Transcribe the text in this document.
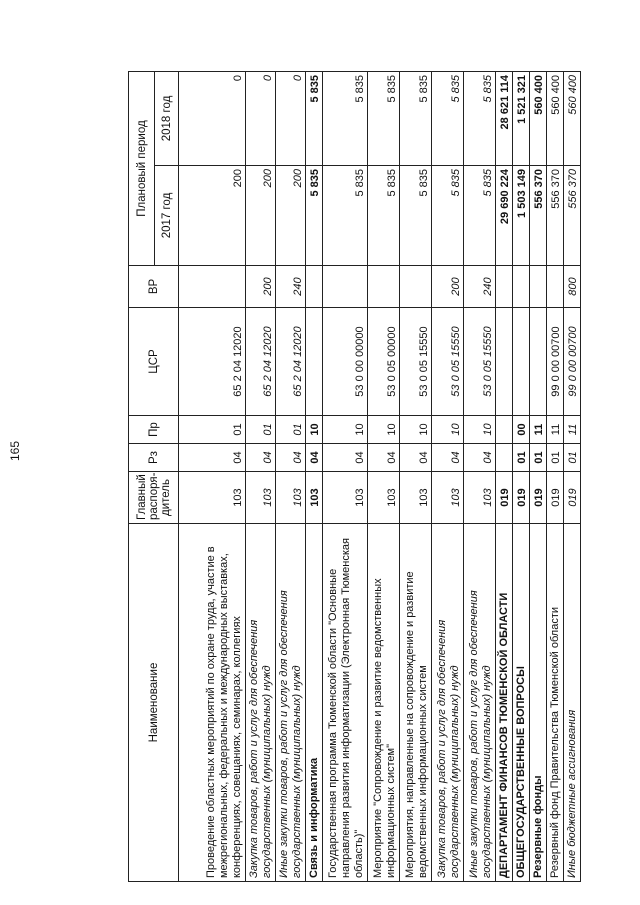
165
Наименование	Главный распоря-дитель	Рз	Пр	ЦСР	ВР	Плановый период	
						2017 год	2018 год
Проведение областных мероприятий по охране труда, участие в межрегиональных, федеральных и международных выставках, конференциях, совещаниях, семинарах, коллегиях	103	04	01	65 2 04 12020		200	0
Закупка товаров, работ и услуг для обеспечения государственных (муниципальных) нужд	103	04	01	65 2 04 12020	200	200	0
Иные закупки товаров, работ и услуг для обеспечения государственных (муниципальных) нужд	103	04	01	65 2 04 12020	240	200	0
Связь и информатика	103	04	10			5 835	5 835
Государственная программа Тюменской области "Основные направления развития информатизации (Электронная Тюменская область)"	103	04	10	53 0 00 00000		5 835	5 835
Мероприятие "Сопровождение и развитие ведомственных информационных систем"	103	04	10	53 0 05 00000		5 835	5 835
Мероприятия, направленные на сопровождение и развитие ведомственных информационных систем	103	04	10	53 0 05 15550		5 835	5 835
Закупка товаров, работ и услуг для обеспечения государственных (муниципальных) нужд	103	04	10	53 0 05 15550	200	5 835	5 835
Иные закупки товаров, работ и услуг для обеспечения государственных (муниципальных) нужд	103	04	10	53 0 05 15550	240	5 835	5 835
ДЕПАРТАМЕНТ ФИНАНСОВ ТЮМЕНСКОЙ ОБЛАСТИ	019					29 690 224	28 621 114
ОБЩЕГОСУДАРСТВЕННЫЕ ВОПРОСЫ	019	01	00			1 503 149	1 521 321
Резервные фонды	019	01	11			556 370	560 400
Резервный фонд Правительства Тюменской области	019	01	11	99 0 00 00700		556 370	560 400
Иные бюджетные ассигнования	019	01	11	99 0 00 00700	800	556 370	560 400
